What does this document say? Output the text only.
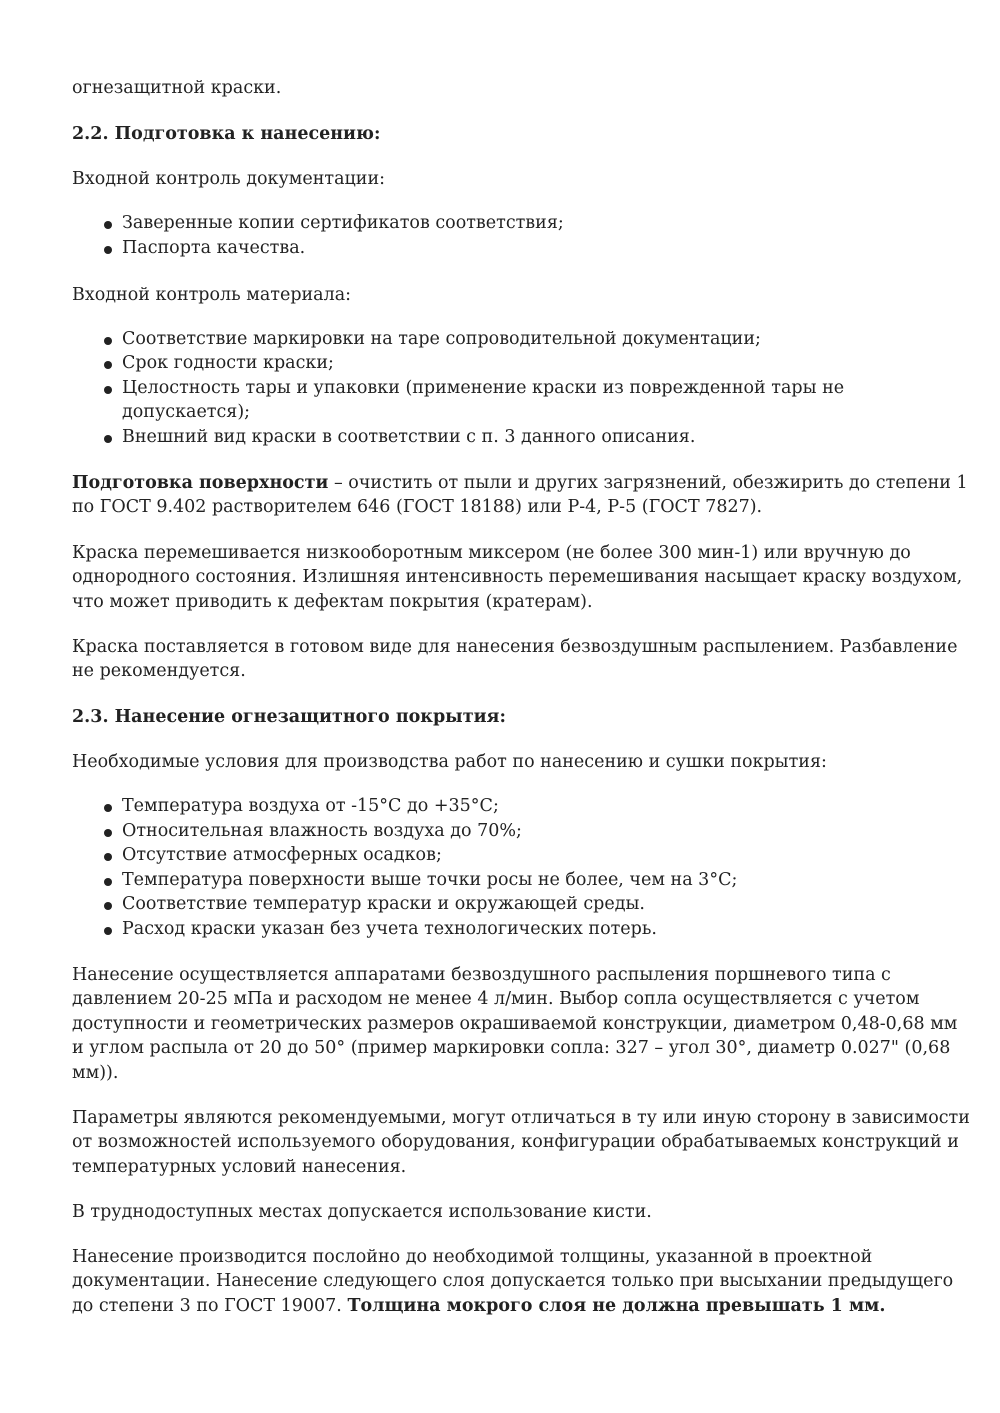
огнезащитной краски.
2.2. Подготовка к нанесению:
Входной контроль документации:
Заверенные копии сертификатов соответствия;
Паспорта качества.
Входной контроль материала:
Соответствие маркировки на таре сопроводительной документации;
Срок годности краски;
Целостность тары и упаковки (применение краски из поврежденной тары не
допускается);
Внешний вид краски в соответствии с п. 3 данного описания.
Подготовка поверхности – очистить от пыли и других загрязнений, обезжирить до степени 1
по ГОСТ 9.402 растворителем 646 (ГОСТ 18188) или Р-4, Р-5 (ГОСТ 7827).
Краска перемешивается низкооборотным миксером (не более 300 мин-1) или вручную до
однородного состояния. Излишняя интенсивность перемешивания насыщает краску воздухом,
что может приводить к дефектам покрытия (кратерам).
Краска поставляется в готовом виде для нанесения безвоздушным распылением. Разбавление
не рекомендуется.
2.3. Нанесение огнезащитного покрытия:
Необходимые условия для производства работ по нанесению и сушки покрытия:
Температура воздуха от -15°С до +35°С;
Относительная влажность воздуха до 70%;
Отсутствие атмосферных осадков;
Температура поверхности выше точки росы не более, чем на 3°С;
Соответствие температур краски и окружающей среды.
Расход краски указан без учета технологических потерь.
Нанесение осуществляется аппаратами безвоздушного распыления поршневого типа с
давлением 20-25 мПа и расходом не менее 4 л/мин. Выбор сопла осуществляется с учетом
доступности и геометрических размеров окрашиваемой конструкции, диаметром 0,48-0,68 мм
и углом распыла от 20 до 50° (пример маркировки сопла: 327 – угол 30°, диаметр 0.027" (0,68
мм)).
Параметры являются рекомендуемыми, могут отличаться в ту или иную сторону в зависимости
от возможностей используемого оборудования, конфигурации обрабатываемых конструкций и
температурных условий нанесения.
В труднодоступных местах допускается использование кисти.
Нанесение производится послойно до необходимой толщины, указанной в проектной
документации. Нанесение следующего слоя допускается только при высыхании предыдущего
до степени 3 по ГОСТ 19007. Толщина мокрого слоя не должна превышать 1 мм.
